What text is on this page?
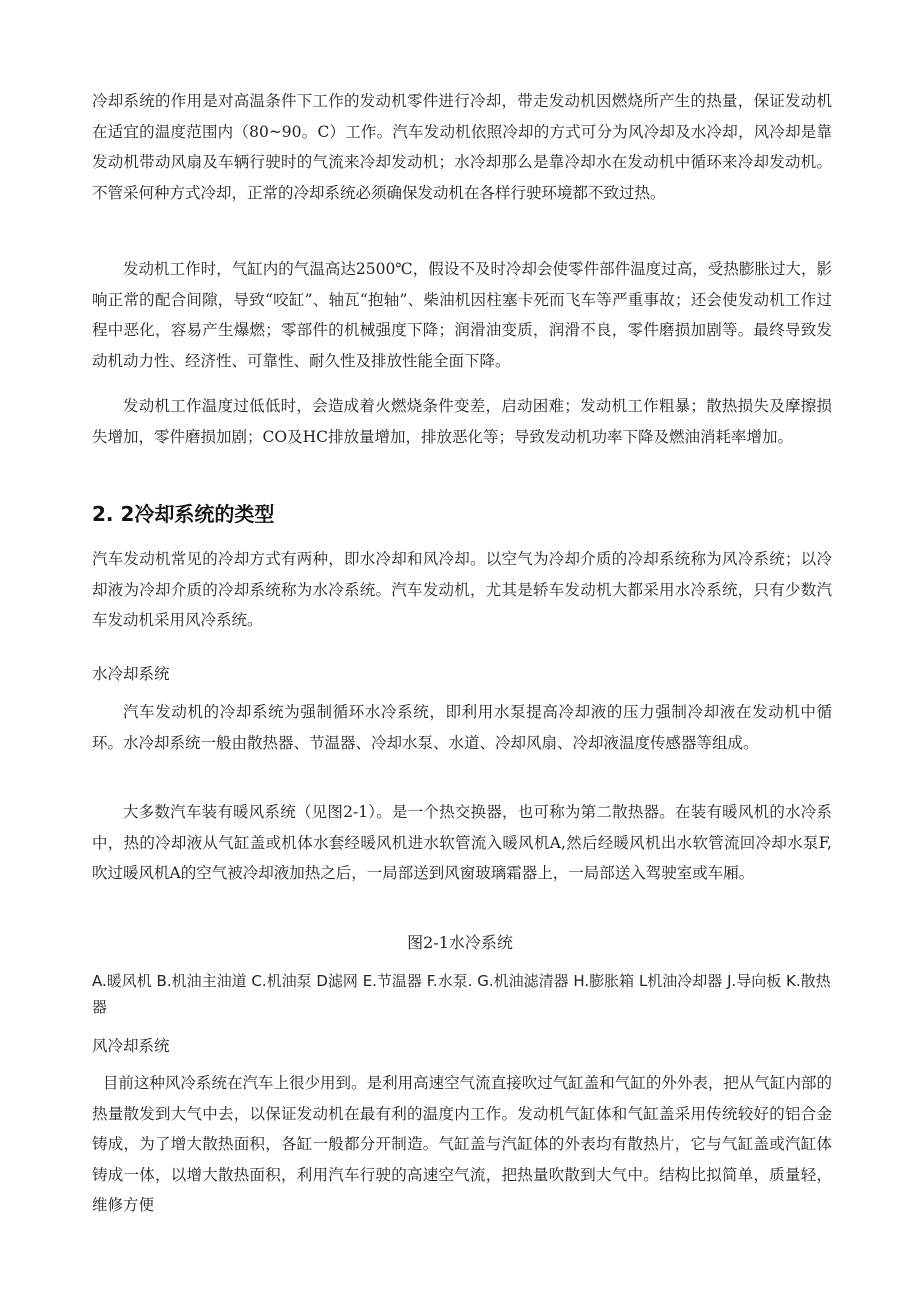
冷却系统的作用是对高温条件下工作的发动机零件进行冷却，带走发动机因燃烧所产生的热量，保证发动机在适宜的温度范围内（80~90。C）工作。汽车发动机依照冷却的方式可分为风冷却及水冷却，风冷却是靠发动机带动风扇及车辆行驶时的气流来冷却发动机；水冷却那么是靠冷却水在发动机中循环来冷却发动机。不管采何种方式冷却，正常的冷却系统必须确保发动机在各样行驶环境都不致过热。

发动机工作时，气缸内的气温高达2500℃，假设不及时冷却会使零件部件温度过高，受热膨胀过大，影响正常的配合间隙，导致“咬缸”、轴瓦“抱轴”、柴油机因柱塞卡死而飞车等严重事故；还会使发动机工作过程中恶化，容易产生爆燃；零部件的机械强度下降；润滑油变质，润滑不良，零件磨损加剧等。最终导致发动机动力性、经济性、可靠性、耐久性及排放性能全面下降。

发动机工作温度过低低时，会造成着火燃烧条件变差，启动困难；发动机工作粗暴；散热损失及摩擦损失增加，零件磨损加剧；CO及HC排放量增加，排放恶化等；导致发动机功率下降及燃油消耗率增加。

2. 2冷却系统的类型

汽车发动机常见的冷却方式有两种，即水冷却和风冷却。以空气为冷却介质的冷却系统称为风冷系统；以冷却液为冷却介质的冷却系统称为水冷系统。汽车发动机，尤其是轿车发动机大都采用水冷系统，只有少数汽车发动机采用风冷系统。

水冷却系统

汽车发动机的冷却系统为强制循环水冷系统，即利用水泵提高冷却液的压力强制冷却液在发动机中循环。水冷却系统一般由散热器、节温器、冷却水泵、水道、冷却风扇、冷却液温度传感器等组成。

大多数汽车装有暖风系统（见图2-1）。是一个热交换器，也可称为第二散热器。在装有暖风机的水冷系中，热的冷却液从气缸盖或机体水套经暖风机进水软管流入暖风机A,然后经暖风机出水软管流回冷却水泵F,吹过暖风机A的空气被冷却液加热之后，一局部送到风窗玻璃霜器上，一局部送入驾驶室或车厢。

图2-1水冷系统

A.暖风机 B.机油主油道 C.机油泵 D滤网 E.节温器 F.水泵. G.机油滤清器 H.膨胀箱 L机油冷却器 J.导向板 K.散热器

风冷却系统

目前这种风冷系统在汽车上很少用到。是利用高速空气流直接吹过气缸盖和气缸的外外表，把从气缸内部的热量散发到大气中去，以保证发动机在最有利的温度内工作。发动机气缸体和气缸盖采用传统较好的铝合金铸成，为了增大散热面积，各缸一般都分开制造。气缸盖与汽缸体的外表均有散热片，它与气缸盖或汽缸体铸成一体，以增大散热面积，利用汽车行驶的高速空气流，把热量吹散到大气中。结构比拟简单，质量轻，维修方便
